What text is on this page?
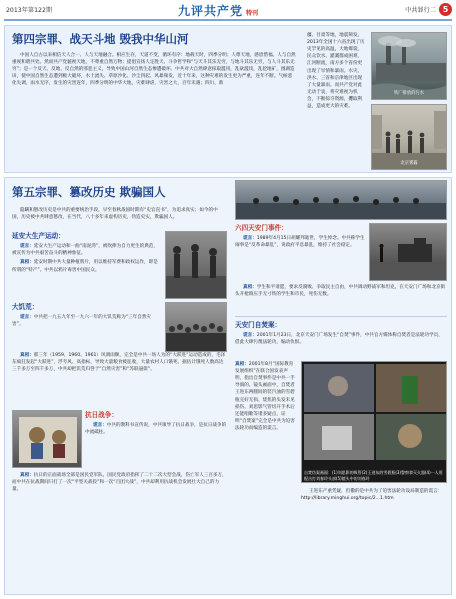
2013年第122期	九评共产党 特刊	中共罪行二 5
第四宗罪、战天斗地 毁我中华山河
中国人自古以来相信天人合一、人与天地融合。相应生存，天道不变，循环有序：地载天时，四季分明；人尊天地，感恩惜福。人与自然重视和谐共处。然而共产党藐视天地，不尊重自然万物；提倡宣扬人定胜天、斗争哲学和“与天斗其乐无穷，与地斗其乐无穷，与人斗其乐无穷”；是一个反天、反地、反自然的邪恶主义，导致中国山河自然生态惨遭破坏。中共对大自然肆意掠取滥用，乱砍滥伐，乱挖地矿，围湖造田，使中国自然生态遭到极大破坏，水土流失、草原沙化、沙尘四起、风暴频发，近十年来，这种灾难的发生更为严重，连年不断。气候恶化失调，雨水无序，发生的灾害连年，四季分明的中华大地，灾难肆虐，灾害之大，百年未遇；四川、新
疆、甘肃等地，地震频发，2013年全国十六省出现了历史罕见的高温，大地爆裂，民众饮水、灌溉都成困难，江河断流，南方多个省份更出现了旱情和暴雨。水灾、洪水、三省和京津地区出现了大量暴雨。而共产党对此无动于衷，将灾难视为机会，不断掠夺资源，攫取利益，造成更大的灾难。
铁厂排放的污水
北京雾霾
第五宗罪、篡改历史 欺骗国人
隐瞒和篡改历史是中共的重要统治手段，早至春秋战国时期有“史官直书”，为追求真实；如今的中国，历史被中共肆意篡改，在当代，八十多年来虚构历史，伪造史实，欺骗国人。
延安大生产运动：
谎言：延安大生产运动和一曲“南泥湾”，被吹捧为自力更生的典范，被宣传为中共艰苦奋斗的精神象征。
真相：延安时期中共大量种植鸦片，用以维持军费和政权运作，即是所谓的“特产”。中共以鸦片毒害中国民众。
大饥荒：
谎言：中共把一九五九年至一九六一年的大饥荒称为“三年自然灾害”。
真相：那三年（1959、1960、1961）风调雨顺，完全是中共一场人为的“大跃进”运动造成的，毛泽东疯狂发起“大跃进”，浮夸风、高指标，导致大量粮食被征收，大量农村人口饿死，据估计饿死人数高达三千多万至四千多万，中共却把饥荒归咎于“自然灾害”和“苏联逼债”。
抗日战争：
谎言：中共的教科书宣传说，中共领导了抗日战争，是抗日战争的中流砥柱。
真相：抗日的正面战场全部是国民党军队，国民党政府指挥了二十二次大型会战，伤亡军人三百多万，而中共在抗战期间只打了一次“平型关战役”和一次“百团大战”，中共却利用抗战机会发展壮大自己的力量。
六四天安门事件：
谎言：1989年4月15日胡耀邦逝世，学生悼念。中共称学生闹事是“反革命暴乱”，说政府平息暴乱，维持了社会稳定。
真相：学生和平请愿，要求反腐败、争取民主自由，中共调动野战军和坦克，在天安门广场和北京街头开枪镇压手无寸铁的学生和市民，死伤无数。
天安门自焚案：
谎言：2001年1月23日，北京天安门广场发生“自焚”事件，中共官方媒体称自焚者是法轮功学员，借此大肆污蔑法轮功，煽动仇恨。
真相：2001年8月“国际教育发展组织”在联合国发表声明，指出自焚事件是中共一手导演的。镜头画面中，自焚者王进东两腿间的装汽油的雪碧瓶完好无损、烧焦的头发未见损伤、刘思影气管切开手术后还能唱歌等诸多疑点，证明“自焚案”完全是中共为迫害法轮功而编造的谎言。
自焚伪案画面：(1)刘思影的吸管(2)王进东的雪碧瓶(3)警察拿灭火器(4)一人用棍击打刘春玲头部(5)镜头中的刘春玲
王进东产重凭疑，但撒的是中共为了迫害法轮功设局制造的谎言：http://library.minghui.org/topic/2...1.htm
